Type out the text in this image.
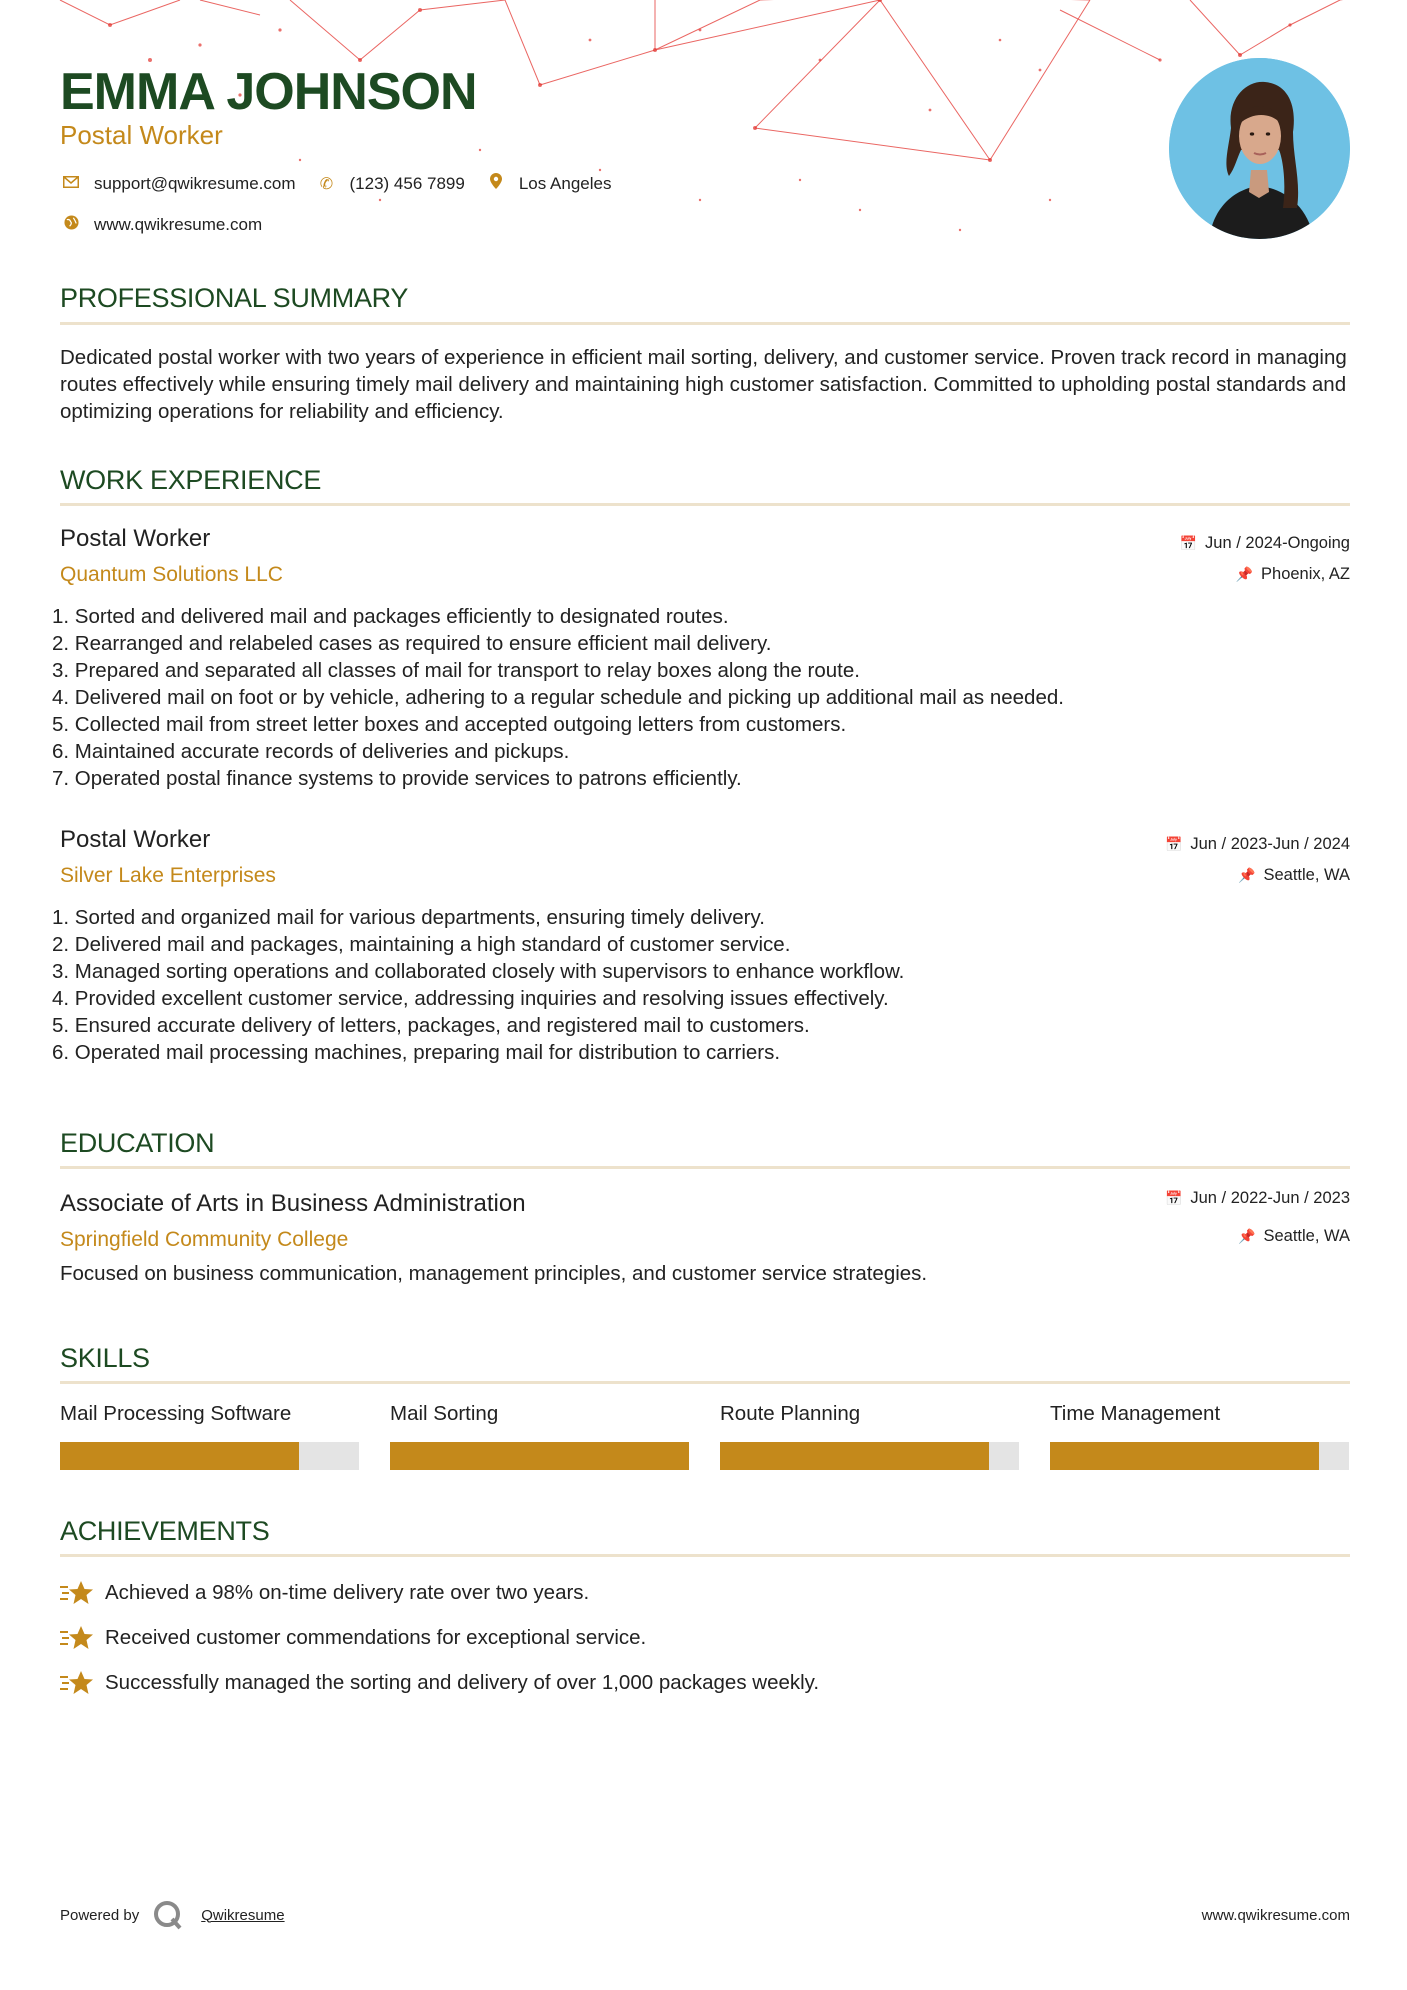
EMMA JOHNSON
Postal Worker
support@qwikresume.com ✆ (123) 456 7899	Los Angeles
www.qwikresume.com
PROFESSIONAL SUMMARY
Dedicated postal worker with two years of experience in efficient mail sorting, delivery, and customer service. Proven track record in managing routes effectively while ensuring timely mail delivery and maintaining high customer satisfaction. Committed to upholding postal standards and optimizing operations for reliability and efficiency.
WORK EXPERIENCE
Postal Worker
Quantum Solutions LLC
📅 Jun / 2024-Ongoing
📌 Phoenix, AZ
1. Sorted and delivered mail and packages efficiently to designated routes.
2. Rearranged and relabeled cases as required to ensure efficient mail delivery.
3. Prepared and separated all classes of mail for transport to relay boxes along the route.
4. Delivered mail on foot or by vehicle, adhering to a regular schedule and picking up additional mail as needed.
5. Collected mail from street letter boxes and accepted outgoing letters from customers.
6. Maintained accurate records of deliveries and pickups.
7. Operated postal finance systems to provide services to patrons efficiently.
Postal Worker
Silver Lake Enterprises
📅 Jun / 2023-Jun / 2024
📌 Seattle, WA
1. Sorted and organized mail for various departments, ensuring timely delivery.
2. Delivered mail and packages, maintaining a high standard of customer service.
3. Managed sorting operations and collaborated closely with supervisors to enhance workflow.
4. Provided excellent customer service, addressing inquiries and resolving issues effectively.
5. Ensured accurate delivery of letters, packages, and registered mail to customers.
6. Operated mail processing machines, preparing mail for distribution to carriers.
EDUCATION
Associate of Arts in Business Administration
Springfield Community College
📅 Jun / 2022-Jun / 2023
📌 Seattle, WA
Focused on business communication, management principles, and customer service strategies.
SKILLS
Mail Processing Software	Mail Sorting	Route Planning	Time Management
ACHIEVEMENTS
Achieved a 98% on-time delivery rate over two years.
Received customer commendations for exceptional service.
Successfully managed the sorting and delivery of over 1,000 packages weekly.
Powered by	Qwikresume	www.qwikresume.com
